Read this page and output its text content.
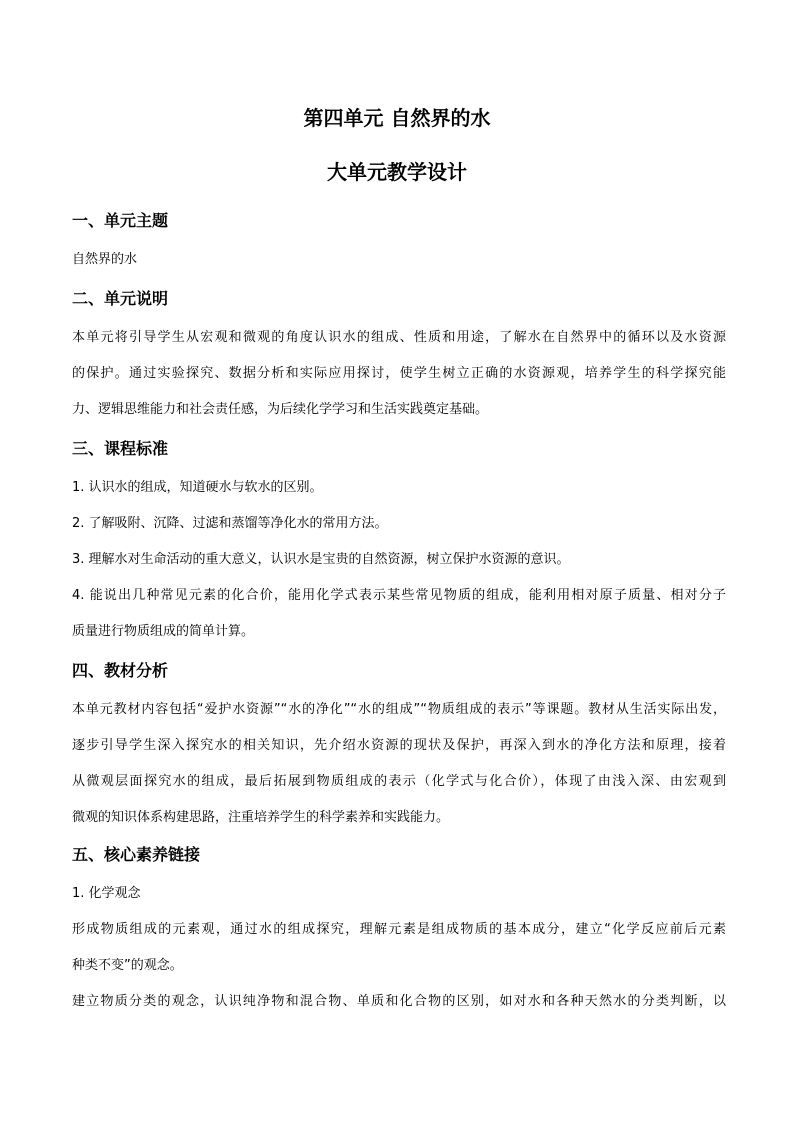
第四单元 自然界的水
大单元教学设计
一、单元主题
自然界的水
二、单元说明
本单元将引导学生从宏观和微观的角度认识水的组成、性质和用途，了解水在自然界中的循环以及水资源
的保护。通过实验探究、数据分析和实际应用探讨，使学生树立正确的水资源观，培养学生的科学探究能
力、逻辑思维能力和社会责任感，为后续化学学习和生活实践奠定基础。
三、课程标准
1. 认识水的组成，知道硬水与软水的区别。
2. 了解吸附、沉降、过滤和蒸馏等净化水的常用方法。
3. 理解水对生命活动的重大意义，认识水是宝贵的自然资源，树立保护水资源的意识。
4. 能说出几种常见元素的化合价，能用化学式表示某些常见物质的组成，能利用相对原子质量、相对分子
质量进行物质组成的简单计算。
四、教材分析
本单元教材内容包括“爱护水资源”“水的净化”“水的组成”“物质组成的表示”等课题。教材从生活实际出发，
逐步引导学生深入探究水的相关知识，先介绍水资源的现状及保护，再深入到水的净化方法和原理，接着
从微观层面探究水的组成，最后拓展到物质组成的表示（化学式与化合价），体现了由浅入深、由宏观到
微观的知识体系构建思路，注重培养学生的科学素养和实践能力。
五、核心素养链接
1. 化学观念
形成物质组成的元素观，通过水的组成探究，理解元素是组成物质的基本成分，建立“化学反应前后元素
种类不变”的观念。
建立物质分类的观念，认识纯净物和混合物、单质和化合物的区别，如对水和各种天然水的分类判断，以
